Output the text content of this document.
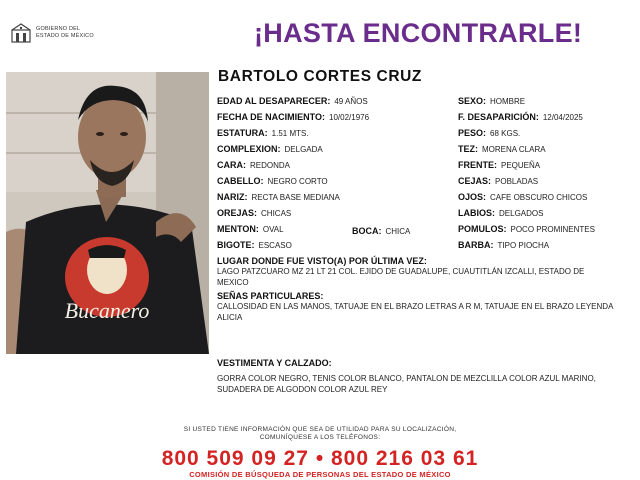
GOBIERNO DEL
ESTADO DE MÉXICO	¡HASTA ENCONTRARLE!
Bucanero
BARTOLO CORTES CRUZ
EDAD AL DESAPARECER: 49 AÑOS
FECHA DE NACIMIENTO: 10/02/1976
ESTATURA: 1.51 MTS.
COMPLEXION: DELGADA
CARA: REDONDA
CABELLO: NEGRO CORTO
NARIZ: RECTA BASE MEDIANA
OREJAS: CHICAS
MENTON: OVAL
BIGOTE: ESCASO
BOCA: CHICA
SEXO: HOMBRE
F. DESAPARICIÓN: 12/04/2025
PESO: 68 KGS.
TEZ: MORENA CLARA
FRENTE: PEQUEÑA
CEJAS: POBLADAS
OJOS: CAFE OBSCURO CHICOS
LABIOS: DELGADOS
POMULOS: POCO PROMINENTES
BARBA: TIPO PIOCHA
LUGAR DONDE FUE VISTO(A) POR ÚLTIMA VEZ:
LAGO PATZCUARO MZ 21 LT 21 COL. EJIDO DE GUADALUPE, CUAUTITLÁN IZCALLI, ESTADO DE MEXICO
SEÑAS PARTICULARES:
CALLOSIDAD EN LAS MANOS, TATUAJE EN EL BRAZO LETRAS A R M, TATUAJE EN EL BRAZO LEYENDA ALICIA
VESTIMENTA Y CALZADO:
GORRA COLOR NEGRO, TENIS COLOR BLANCO, PANTALON DE MEZCLILLA COLOR AZUL MARINO, SUDADERA DE ALGODON COLOR AZUL REY
SI USTED TIENE INFORMACIÓN QUE SEA DE UTILIDAD PARA SU LOCALIZACIÓN,
COMUNÍQUESE A LOS TELÉFONOS:
800 509 09 27 • 800 216 03 61
COMISIÓN DE BÚSQUEDA DE PERSONAS DEL ESTADO DE MÉXICO
